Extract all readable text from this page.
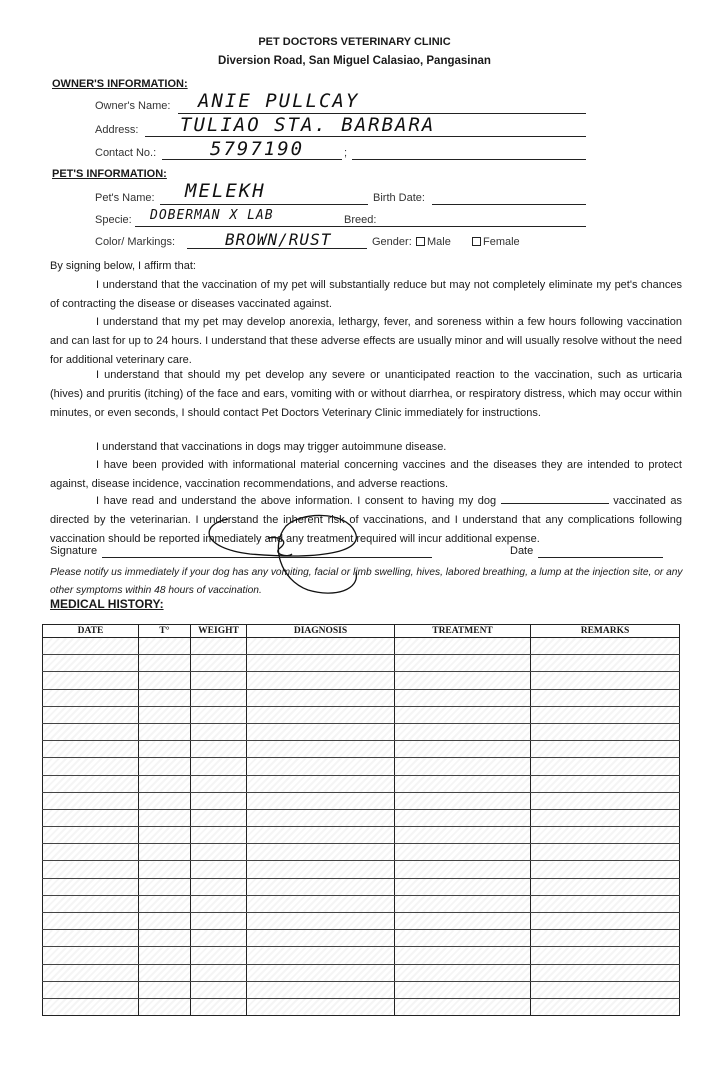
PET DOCTORS VETERINARY CLINIC
Diversion Road, San Miguel Calasiao, Pangasinan
OWNER'S INFORMATION:
Owner's Name: ANIE PULLCAY
Address: TULIAO STA. BARBARA
Contact No.:	5797190	;
PET'S INFORMATION:
Pet's Name: MELEKH	Birth Date:
Specie: DOBERMAN X LAB	Breed:
Color/ Markings:	BROWN/RUST	Gender:	Male	Female
By signing below, I affirm that:
I understand that the vaccination of my pet will substantially reduce but may not completely eliminate my pet's chances of contracting the disease or diseases vaccinated against.
I understand that my pet may develop anorexia, lethargy, fever, and soreness within a few hours following vaccination and can last for up to 24 hours. I understand that these adverse effects are usually minor and will usually resolve without the need for additional veterinary care.
I understand that should my pet develop any severe or unanticipated reaction to the vaccination, such as urticaria (hives) and pruritis (itching) of the face and ears, vomiting with or without diarrhea, or respiratory distress, which may occur within minutes, or even seconds, I should contact Pet Doctors Veterinary Clinic immediately for instructions.
I understand that vaccinations in dogs may trigger autoimmune disease.
I have been provided with informational material concerning vaccines and the diseases they are intended to protect against, disease incidence, vaccination recommendations, and adverse reactions.
I have read and understand the above information. I consent to having my dog	vaccinated as directed by the veterinarian. I understand the inherent risk of vaccinations, and I understand that any complications following vaccination should be reported immediately and any treatment required will incur additional expense.
Signature	Date
Please notify us immediately if your dog has any vomiting, facial or limb swelling, hives, labored breathing, a lump at the injection site, or any other symptoms within 48 hours of vaccination.
MEDICAL HISTORY:
DATE	T°	WEIGHT	DIAGNOSIS	TREATMENT	REMARKS
